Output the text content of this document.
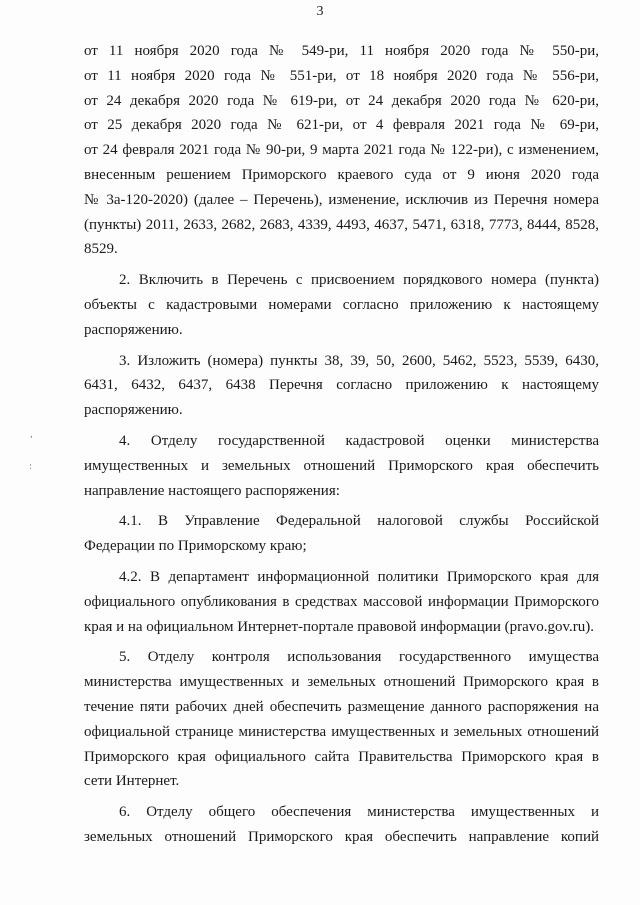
3
,
:

от 11 ноября 2020 года № 549-ри, 11 ноября 2020 года № 550-ри,
от 11 ноября 2020 года № 551-ри, от 18 ноября 2020 года № 556-ри,
от 24 декабря 2020 года № 619-ри, от 24 декабря 2020 года № 620-ри,
от 25 декабря 2020 года № 621-ри, от 4 февраля 2021 года № 69-ри,
от 24 февраля 2021 года № 90-ри, 9 марта 2021 года № 122-ри), с изменением,
внесенным решением Приморского краевого суда от 9 июня 2020 года
№ 3а-120-2020) (далее – Перечень), изменение, исключив из Перечня номера
(пункты) 2011, 2633, 2682, 2683, 4339, 4493, 4637, 5471, 6318, 7773, 8444, 8528,
8529.

2. Включить в Перечень с присвоением порядкового номера (пункта)
объекты с кадастровыми номерами согласно приложению к настоящему
распоряжению.

3. Изложить (номера) пункты 38, 39, 50, 2600, 5462, 5523, 5539, 6430,
6431, 6432, 6437, 6438 Перечня согласно приложению к настоящему
распоряжению.

4. Отделу государственной кадастровой оценки министерства
имущественных и земельных отношений Приморского края обеспечить
направление настоящего распоряжения:

4.1. В Управление Федеральной налоговой службы Российской
Федерации по Приморскому краю;

4.2. В департамент информационной политики Приморского края для
официального опубликования в средствах массовой информации Приморского
края и на официальном Интернет-портале правовой информации (pravo.gov.ru).

5. Отделу контроля использования государственного имущества
министерства имущественных и земельных отношений Приморского края в
течение пяти рабочих дней обеспечить размещение данного распоряжения на
официальной странице министерства имущественных и земельных отношений
Приморского края официального сайта Правительства Приморского края в
сети Интернет.

6. Отделу общего обеспечения министерства имущественных и
земельных отношений Приморского края обеспечить направление копий
